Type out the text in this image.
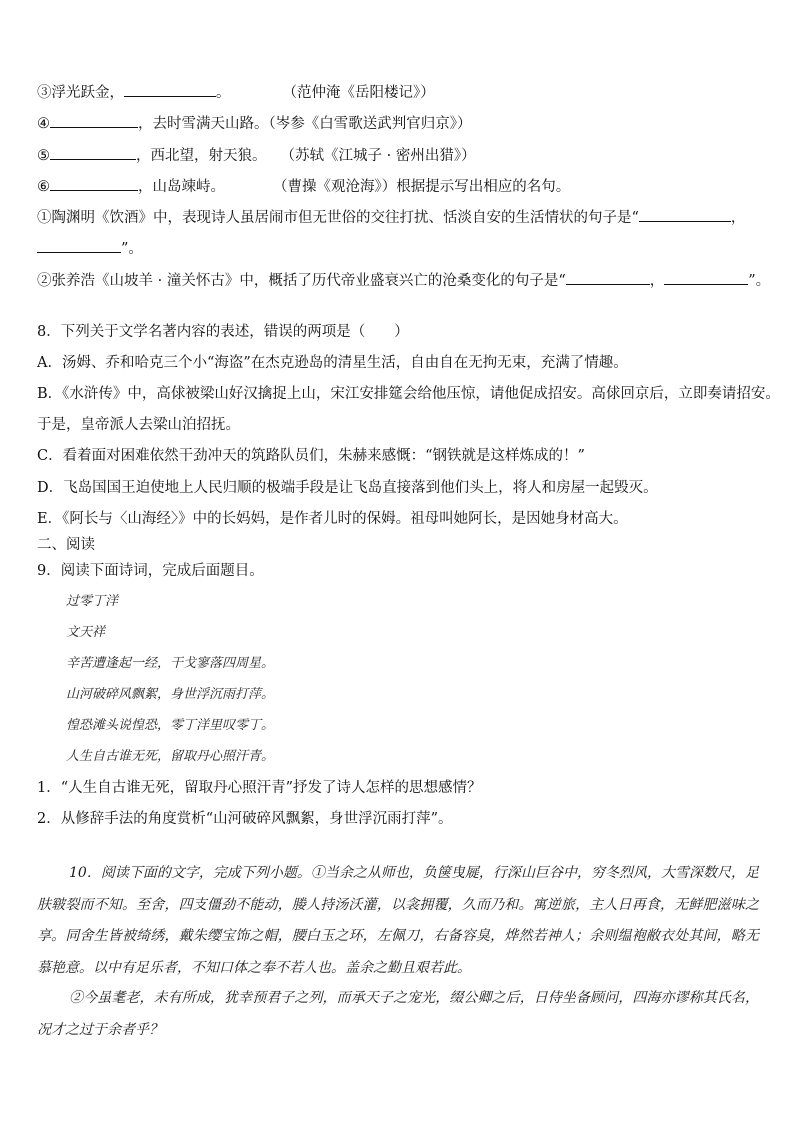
③浮光跃金，	。	（范仲淹《岳阳楼记》）
④	，去时雪满天山路。（岑参《白雪歌送武判官归京》）
⑤	，西北望，射天狼。 （苏轼《江城子 · 密州出猎》）
⑥	，山岛竦峙。	（曹操《观沧海》）根据提示写出相应的名句。
①陶渊明《饮酒》中，表现诗人虽居闹市但无世俗的交往打扰、恬淡自安的生活情状的句子是“	，
”。
②张养浩《山坡羊 · 潼关怀古》中，概括了历代帝业盛衰兴亡的沧桑变化的句子是“	，	”。
8．下列关于文学名著内容的表述，错误的两项是（　　）
A．汤姆、乔和哈克三个小“海盗”在杰克逊岛的清星生活，自由自在无拘无束，充满了情趣。
B．《水浒传》中，高俅被梁山好汉擒捉上山，宋江安排筵会给他压惊，请他促成招安。高俅回京后，立即奏请招安。
于是，皇帝派人去梁山泊招抚。
C．看着面对困难依然干劲冲天的筑路队员们，朱赫来感慨：“钢铁就是这样炼成的！”
D．飞岛国国王迫使地上人民归顺的极端手段是让飞岛直接落到他们头上，将人和房屋一起毁灭。
E．《阿长与〈山海经〉》中的长妈妈，是作者儿时的保姆。祖母叫她阿长，是因她身材高大。
二、阅读
9．阅读下面诗词，完成后面题目。
过零丁洋
文天祥
辛苦遭逢起一经，干戈寥落四周星。
山河破碎风飘絮，身世浮沉雨打萍。
惶恐滩头说惶恐，零丁洋里叹零丁。
人生自古谁无死，留取丹心照汗青。
1．“人生自古谁无死，留取丹心照汗青”抒发了诗人怎样的思想感情？
2．从修辞手法的角度赏析“山河破碎风飘絮，身世浮沉雨打萍”。
10．阅读下面的文字，完成下列小题。①当余之从师也，负箧曳屣，行深山巨谷中，穷冬烈风，大雪深数尺，足肤皲裂而不知。至舍，四支僵劲不能动，媵人持汤沃灌，以衾拥覆，久而乃和。寓逆旅，主人日再食，无鲜肥滋味之享。同舍生皆被绮绣，戴朱缨宝饰之帽，腰白玉之环，左佩刀，右备容臭，烨然若神人；余则缊袍敝衣处其间，略无慕艳意。以中有足乐者，不知口体之奉不若人也。盖余之勤且艰若此。
②今虽耄老，未有所成，犹幸预君子之列，而承天子之宠光，缀公卿之后，日侍坐备顾问，四海亦谬称其氏名，况才之过于余者乎？
